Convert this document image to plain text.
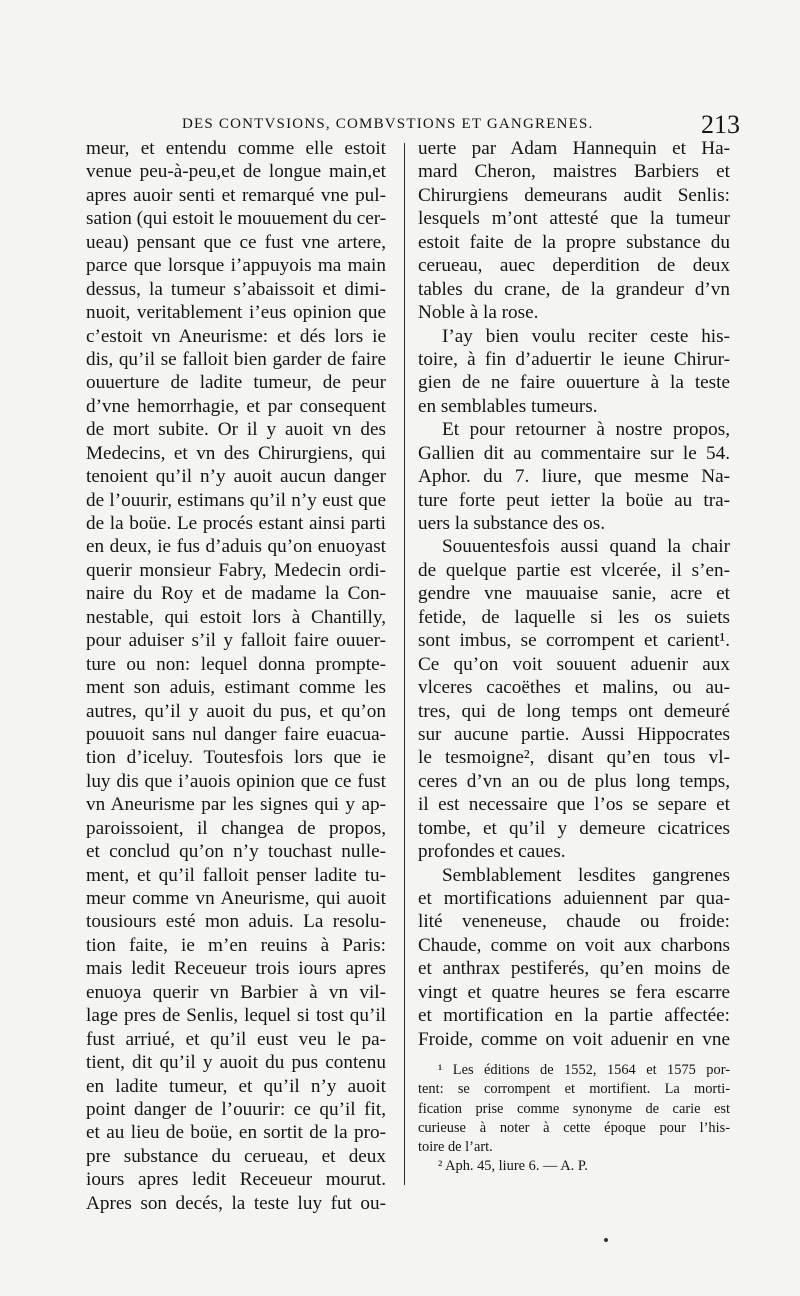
DES CONTVSIONS, COMBVSTIONS ET GANGRENES.	213
meur, et entendu comme elle estoit
venue peu-à-peu,et de longue main,et
apres auoir senti et remarqué vne pul-
sation (qui estoit le mouuement du cer-
ueau) pensant que ce fust vne artere,
parce que lorsque i’appuyois ma main
dessus, la tumeur s’abaissoit et dimi-
nuoit, veritablement i’eus opinion que
c’estoit vn Aneurisme: et dés lors ie
dis, qu’il se falloit bien garder de faire
ouuerture de ladite tumeur, de peur
d’vne hemorrhagie, et par consequent
de mort subite. Or il y auoit vn des
Medecins, et vn des Chirurgiens, qui
tenoient qu’il n’y auoit aucun danger
de l’ouurir, estimans qu’il n’y eust que
de la boüe. Le procés estant ainsi parti
en deux, ie fus d’aduis qu’on enuoyast
querir monsieur Fabry, Medecin ordi-
naire du Roy et de madame la Con-
nestable, qui estoit lors à Chantilly,
pour aduiser s’il y falloit faire ouuer-
ture ou non: lequel donna prompte-
ment son aduis, estimant comme les
autres, qu’il y auoit du pus, et qu’on
pouuoit sans nul danger faire euacua-
tion d’iceluy. Toutesfois lors que ie
luy dis que i’auois opinion que ce fust
vn Aneurisme par les signes qui y ap-
paroissoient, il changea de propos,
et conclud qu’on n’y touchast nulle-
ment, et qu’il falloit penser ladite tu-
meur comme vn Aneurisme, qui auoit
tousiours esté mon aduis. La resolu-
tion faite, ie m’en reuins à Paris:
mais ledit Receueur trois iours apres
enuoya querir vn Barbier à vn vil-
lage pres de Senlis, lequel si tost qu’il
fust arriué, et qu’il eust veu le pa-
tient, dit qu’il y auoit du pus contenu
en ladite tumeur, et qu’il n’y auoit
point danger de l’ouurir: ce qu’il fit,
et au lieu de boüe, en sortit de la pro-
pre substance du cerueau, et deux
iours apres ledit Receueur mourut.
Apres son decés, la teste luy fut ou-
uerte par Adam Hannequin et Ha-
mard Cheron, maistres Barbiers et
Chirurgiens demeurans audit Senlis:
lesquels m’ont attesté que la tumeur
estoit faite de la propre substance du
cerueau, auec deperdition de deux
tables du crane, de la grandeur d’vn
Noble à la rose.
I’ay bien voulu reciter ceste his-
toire, à fin d’aduertir le ieune Chirur-
gien de ne faire ouuerture à la teste
en semblables tumeurs.
Et pour retourner à nostre propos,
Gallien dit au commentaire sur le 54.
Aphor. du 7. liure, que mesme Na-
ture forte peut ietter la boüe au tra-
uers la substance des os.
Souuentesfois aussi quand la chair
de quelque partie est vlcerée, il s’en-
gendre vne mauuaise sanie, acre et
fetide, de laquelle si les os suiets
sont imbus, se corrompent et carient¹.
Ce qu’on voit souuent aduenir aux
vlceres cacoëthes et malins, ou au-
tres, qui de long temps ont demeuré
sur aucune partie. Aussi Hippocrates
le tesmoigne², disant qu’en tous vl-
ceres d’vn an ou de plus long temps,
il est necessaire que l’os se separe et
tombe, et qu’il y demeure cicatrices
profondes et caues.
Semblablement lesdites gangrenes
et mortifications aduiennent par qua-
lité veneneuse, chaude ou froide:
Chaude, comme on voit aux charbons
et anthrax pestiferés, qu’en moins de
vingt et quatre heures se fera escarre
et mortification en la partie affectée:
Froide, comme on voit aduenir en vne
¹ Les éditions de 1552, 1564 et 1575 por-
tent: se corrompent et mortifient. La morti-
fication prise comme synonyme de carie est
curieuse à noter à cette époque pour l’his-
toire de l’art.
² Aph. 45, liure 6. — A. P.
